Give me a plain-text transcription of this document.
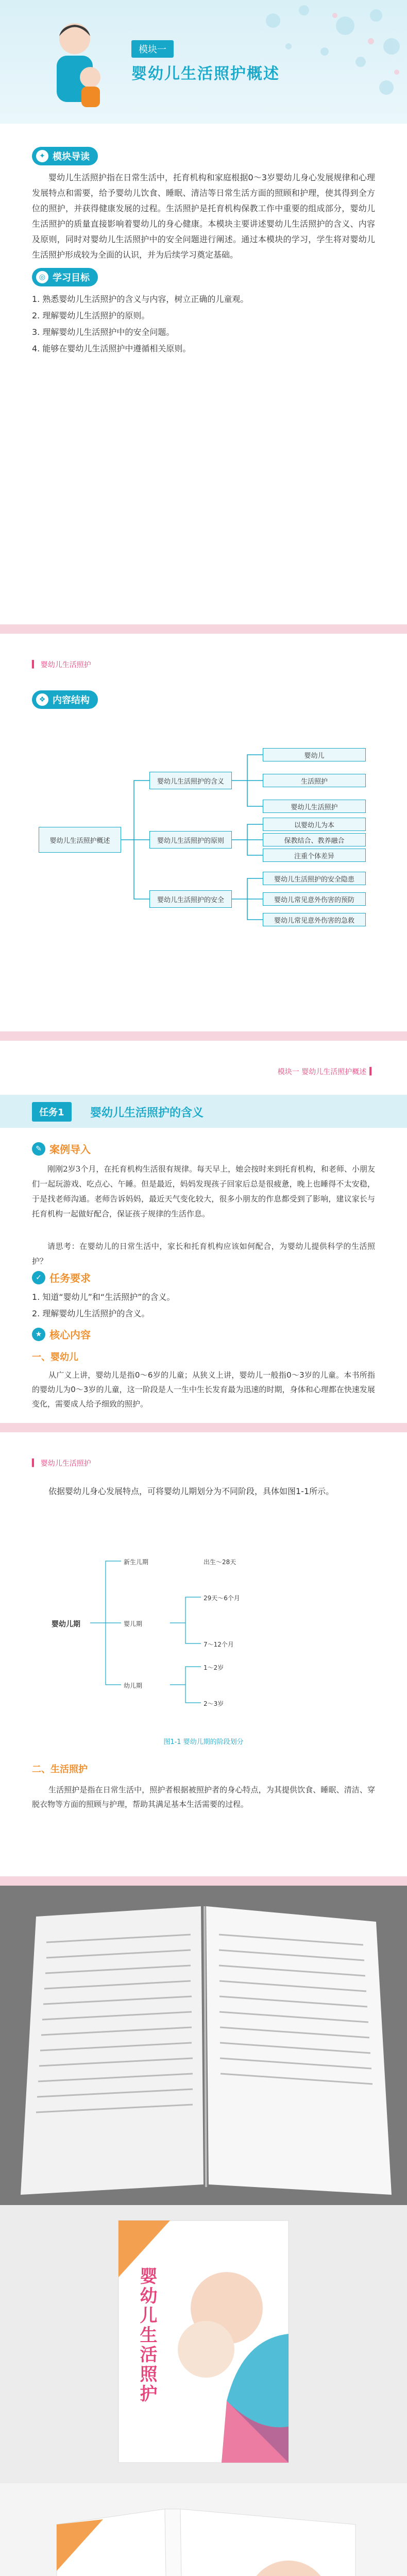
模块一
婴幼儿生活照护概述
✦ 模块导读

婴幼儿生活照护指在日常生活中，托育机构和家庭根据0～3岁婴幼儿身心发展规律和心理发展特点和需要，给予婴幼儿饮食、睡眠、清洁等日常生活方面的照顾和护理，使其得到全方位的照护，并获得健康发展的过程。生活照护是托育机构保教工作中重要的组成部分，婴幼儿生活照护的质量直接影响着婴幼儿的身心健康。本模块主要讲述婴幼儿生活照护的含义、内容及原则，同时对婴幼儿生活照护中的安全问题进行阐述。通过本模块的学习，学生将对婴幼儿生活照护形成较为全面的认识，并为后续学习奠定基础。

◎ 学习目标

1. 熟悉婴幼儿生活照护的含义与内容，树立正确的儿童观。

2. 理解婴幼儿生活照护的原则。

3. 理解婴幼儿生活照护中的安全问题。

4. 能够在婴幼儿生活照护中遵循相关原则。

▍ 婴幼儿生活照护
❖ 内容结构
婴幼儿生活照护概述
婴幼儿生活照护的含义
婴幼儿生活照护的原则
婴幼儿生活照护的安全
婴幼儿
生活照护
婴幼儿生活照护
以婴幼儿为本
保教结合、教养融合
注重个体差异
婴幼儿生活照护的安全隐患
婴幼儿常见意外伤害的预防
婴幼儿常见意外伤害的急救
模块一 婴幼儿生活照护概述 ▍
任务1	婴幼儿生活照护的含义
✎ 案例导入

刚刚2岁3个月，在托育机构生活很有规律。每天早上，她会按时来到托育机构，和老师、小朋友们一起玩游戏、吃点心、午睡。但是最近，妈妈发现孩子回家后总是很疲惫，晚上也睡得不太安稳，于是找老师沟通。老师告诉妈妈，最近天气变化较大，很多小朋友的作息都受到了影响，建议家长与托育机构一起做好配合，保证孩子规律的生活作息。

请思考：在婴幼儿的日常生活中，家长和托育机构应该如何配合，为婴幼儿提供科学的生活照护？

✓ 任务要求

1. 知道“婴幼儿”和“生活照护”的含义。

2. 理解婴幼儿生活照护的含义。

★ 核心内容
一、婴幼儿

从广义上讲，婴幼儿是指0～6岁的儿童；从狭义上讲，婴幼儿一般指0～3岁的儿童。本书所指的婴幼儿为0～3岁的儿童，这一阶段是人一生中生长发育最为迅速的时期，身体和心理都在快速发展变化，需要成人给予细致的照护。

▍ 婴幼儿生活照护

依据婴幼儿身心发展特点，可将婴幼儿期划分为不同阶段，具体如图1-1所示。

婴幼儿期
新生儿期
婴儿期
幼儿期
出生～28天
29天～6个月
7～12个月
1～2岁
2～3岁
图1-1 婴幼儿期的阶段划分
二、生活照护

生活照护是指在日常生活中，照护者根据被照护者的身心特点，为其提供饮食、睡眠、清洁、穿脱衣物等方面的照顾与护理，帮助其满足基本生活需要的过程。

婴幼儿生活照护
